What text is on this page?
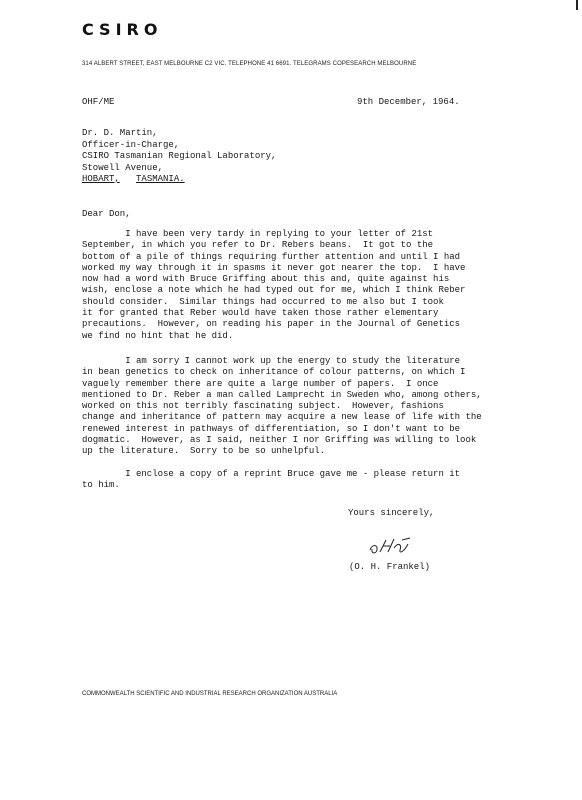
CSIRO
314 ALBERT STREET, EAST MELBOURNE C2 VIC. TELEPHONE 41 6691. TELEGRAMS COPESEARCH MELBOURNE
OHF/ME	9th December, 1964.
Dr. D. Martin,
Officer-in-Charge,
CSIRO Tasmanian Regional Laboratory,
Stowell Avenue,
HOBART, TASMANIA.
Dear Don,
I have been very tardy in replying to your letter of 21st
September, in which you refer to Dr. Rebers beans.  It got to the
bottom of a pile of things requiring further attention and until I had
worked my way through it in spasms it never got nearer the top.  I have
now had a word with Bruce Griffing about this and, quite against his
wish, enclose a note which he had typed out for me, which I think Reber
should consider.  Similar things had occurred to me also but I took
it for granted that Reber would have taken those rather elementary
precautions.  However, on reading his paper in the Journal of Genetics
we find no hint that he did.
I am sorry I cannot work up the energy to study the literature
in bean genetics to check on inheritance of colour patterns, on which I
vaguely remember there are quite a large number of papers.  I once
mentioned to Dr. Reber a man called Lamprecht in Sweden who, among others,
worked on this not terribly fascinating subject.  However, fashions
change and inheritance of pattern may acquire a new lease of life with the
renewed interest in pathways of differentiation, so I don't want to be
dogmatic.  However, as I said, neither I nor Griffing was willing to look
up the literature.  Sorry to be so unhelpful.
I enclose a copy of a reprint Bruce gave me - please return it
to him.
Yours sincerely,
(O. H. Frankel)
COMMONWEALTH SCIENTIFIC AND INDUSTRIAL RESEARCH ORGANIZATION AUSTRALIA
